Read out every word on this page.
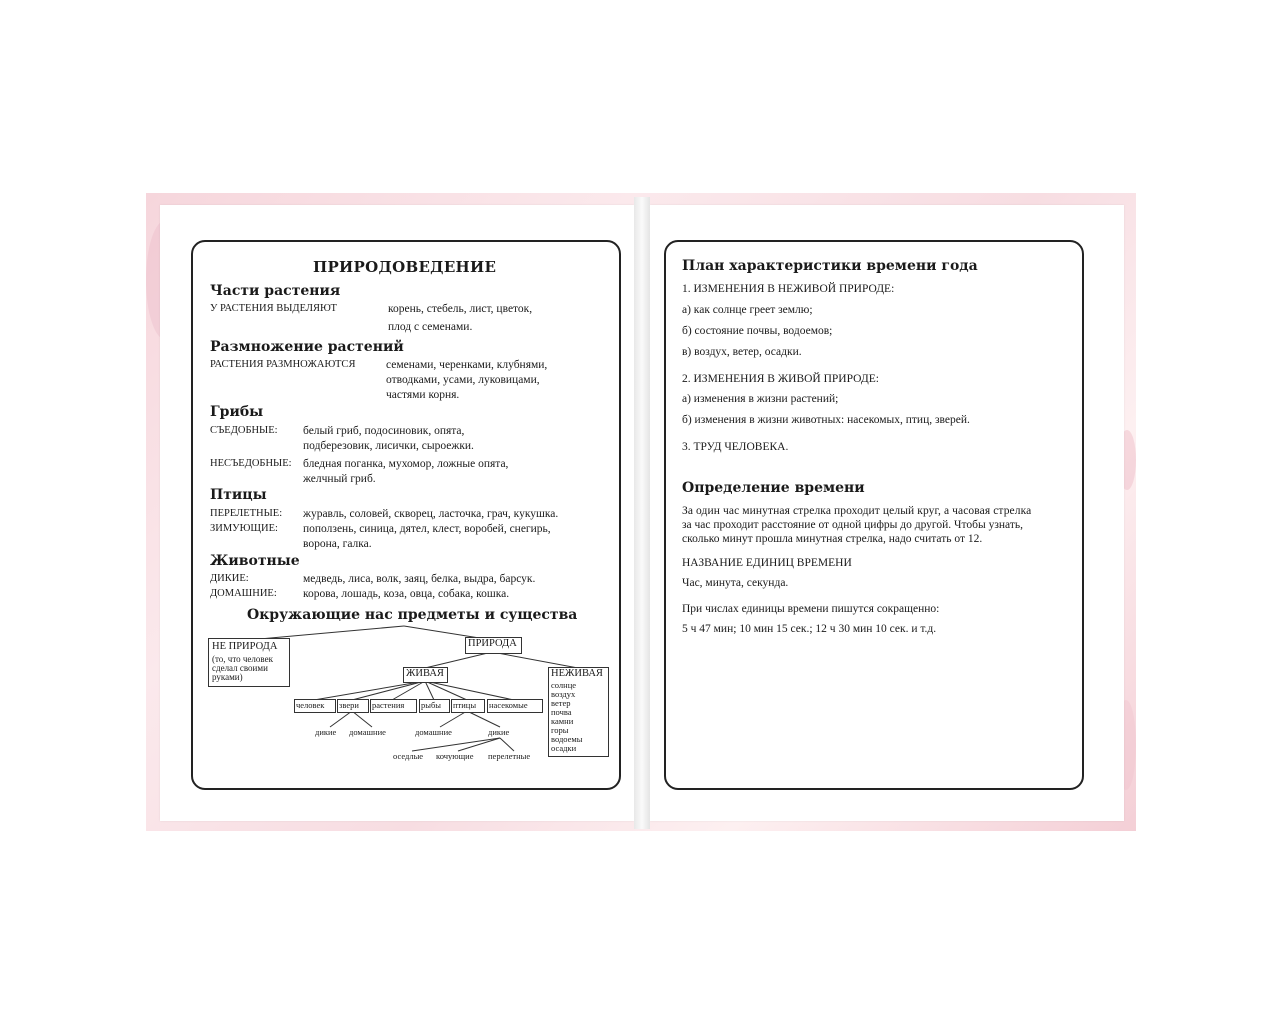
ПРИРОДОВЕДЕНИЕ
Части растения
У РАСТЕНИЯ ВЫДЕЛЯЮТ	корень, стебель, лист, цветок,
плод с семенами.
Размножение растений
РАСТЕНИЯ РАЗМНОЖАЮТСЯ	семенами, черенками, клубнями,
отводками, усами, луковицами,
частями корня.
Грибы
СЪЕДОБНЫЕ: белый гриб, подосиновик, опята,
подберезовик, лисички, сыроежки.
НЕСЪЕДОБНЫЕ: бледная поганка, мухомор, ложные опята,
желчный гриб.
Птицы
ПЕРЕЛЕТНЫЕ: журавль, соловей, скворец, ласточка, грач, кукушка.
ЗИМУЮЩИЕ: поползень, синица, дятел, клест, воробей, снегирь,
ворона, галка.
Животные
ДИКИЕ:	медведь, лиса, волк, заяц, белка, выдра, барсук.
ДОМАШНИЕ: корова, лошадь, коза, овца, собака, кошка.
Окружающие нас предметы и существа
НЕ ПРИРОДА
(то, что человек
сделал своими
руками)
ПРИРОДА
ЖИВАЯ	НЕЖИВАЯ
солнце
воздух
ветер
почва
камни
горы
водоемы
осадки
человек звери растения рыбы птицы насекомые
дикие домашние	домашние	дикие
оседлые кочующие перелетные
План характеристики времени года
1. ИЗМЕНЕНИЯ В НЕЖИВОЙ ПРИРОДЕ:
а) как солнце греет землю;
б) состояние почвы, водоемов;
в) воздух, ветер, осадки.
2. ИЗМЕНЕНИЯ В ЖИВОЙ ПРИРОДЕ:
а) изменения в жизни растений;
б) изменения в жизни животных: насекомых, птиц, зверей.
3. ТРУД ЧЕЛОВЕКА.
Определение времени
За один час минутная стрелка проходит целый круг, а часовая стрелка
за час проходит расстояние от одной цифры до другой. Чтобы узнать,
сколько минут прошла минутная стрелка, надо считать от 12.
НАЗВАНИЕ ЕДИНИЦ ВРЕМЕНИ
Час, минута, секунда.
При числах единицы времени пишутся сокращенно:
5 ч 47 мин; 10 мин 15 сек.; 12 ч 30 мин 10 сек. и т.д.
